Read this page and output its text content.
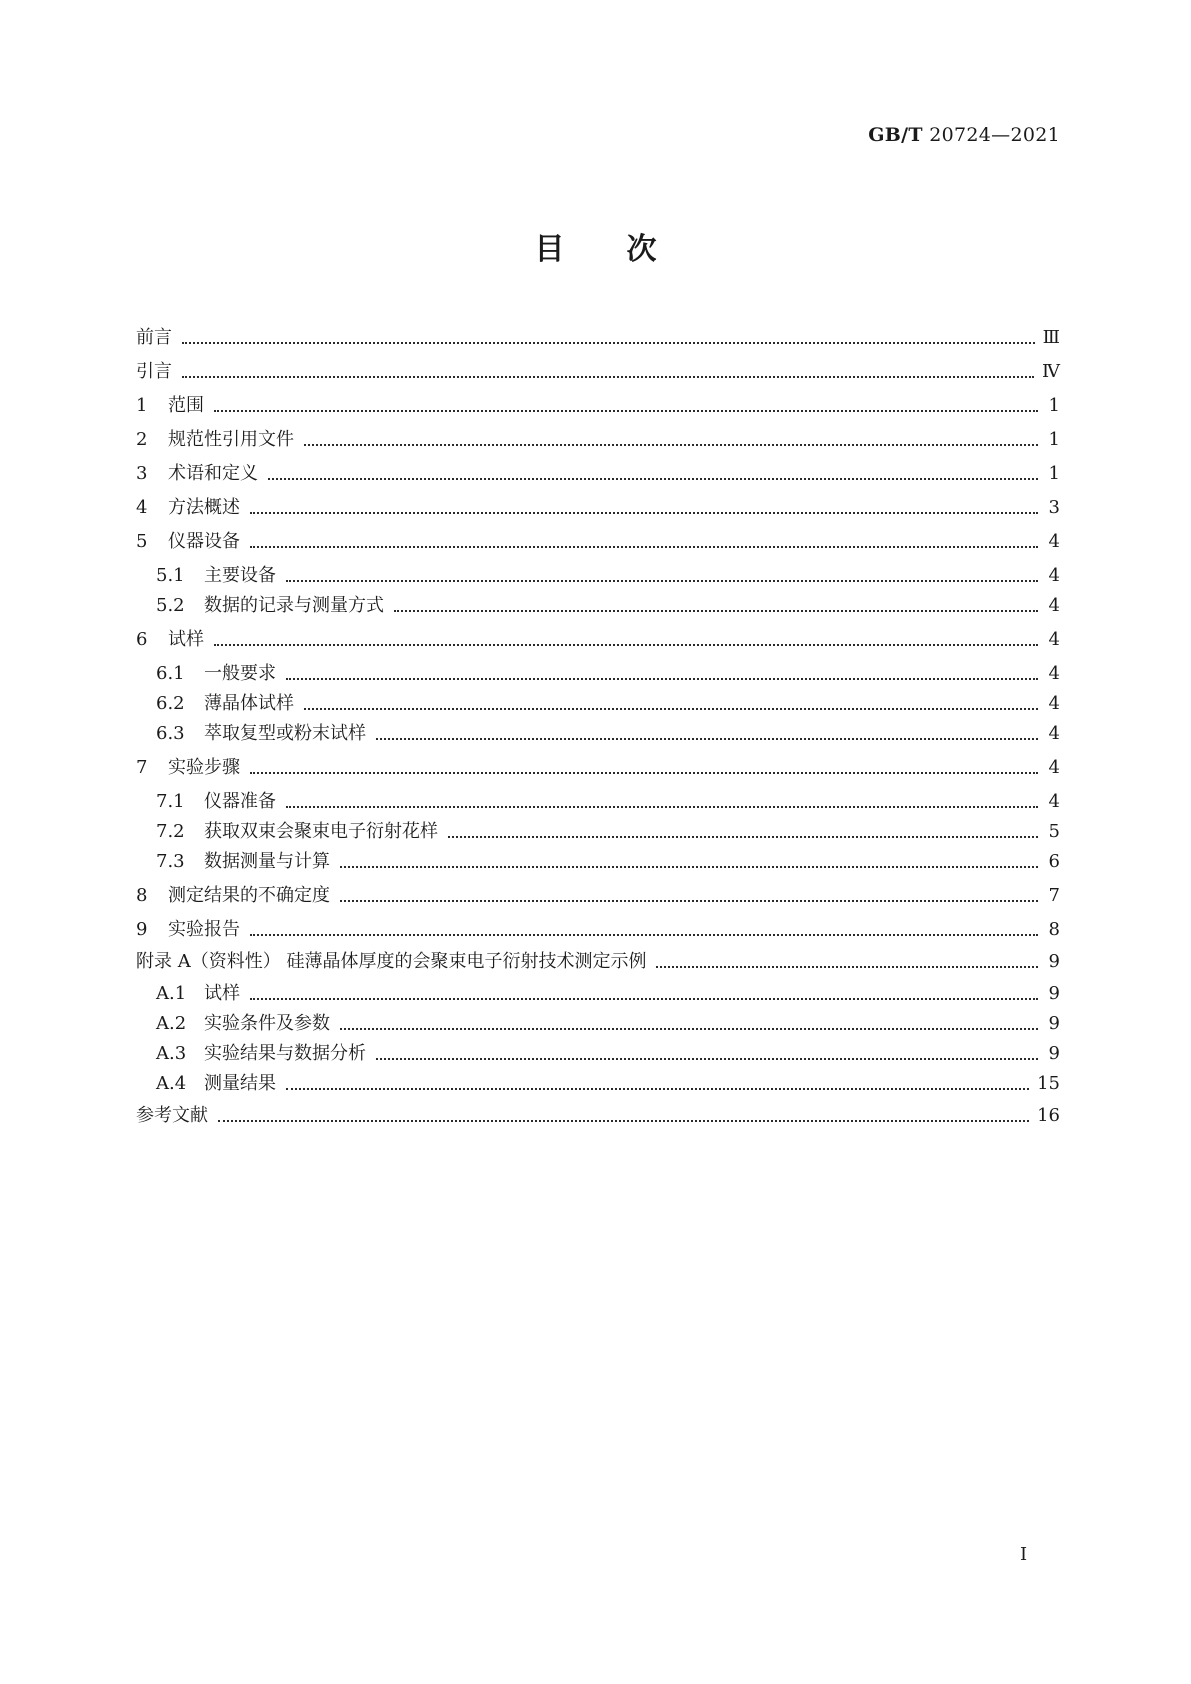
GB/T 20724—2021
目次
前言	Ⅲ
引言	Ⅳ
1 范围	1
2 规范性引用文件	1
3 术语和定义	1
4 方法概述	3
5 仪器设备	4
5.1 主要设备	4
5.2 数据的记录与测量方式	4
6 试样	4
6.1 一般要求	4
6.2 薄晶体试样	4
6.3 萃取复型或粉末试样	4
7 实验步骤	4
7.1 仪器准备	4
7.2 获取双束会聚束电子衍射花样	5
7.3 数据测量与计算	6
8 测定结果的不确定度	7
9 实验报告	8
附录 A（资料性） 硅薄晶体厚度的会聚束电子衍射技术测定示例	9
A.1 试样	9
A.2 实验条件及参数	9
A.3 实验结果与数据分析	9
A.4 测量结果	15
参考文献	16
I
